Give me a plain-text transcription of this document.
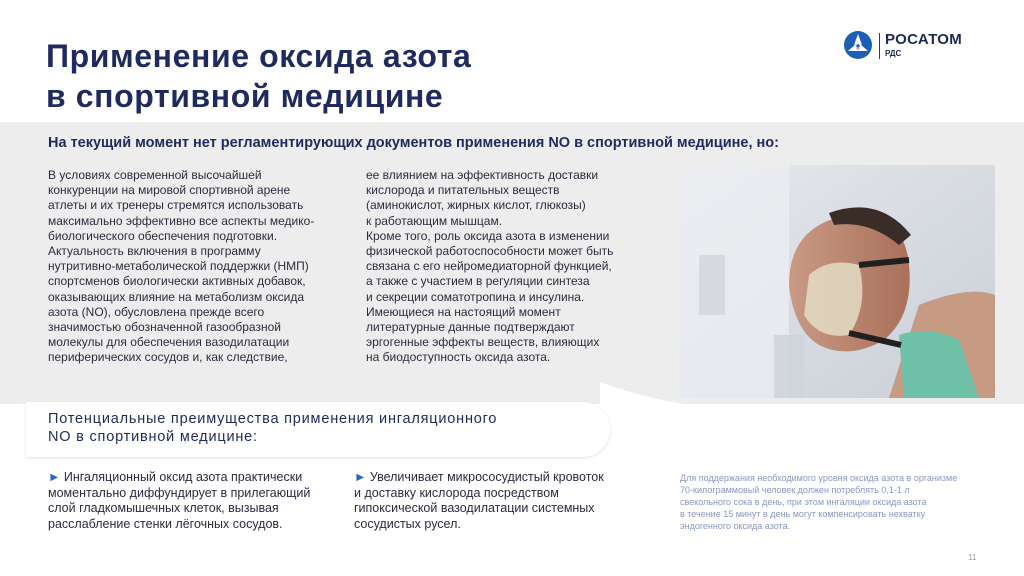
Применение оксида азота

в спортивной медицине

РОСАТОМ
РДС
На текущий момент нет регламентирующих документов применения NO в спортивной медицине, но:

В условиях современной высочайшей

конкуренции на мировой спортивной арене

атлеты и их тренеры стремятся использовать

максимально эффективно все аспекты медико-

биологического обеспечения подготовки.

Актуальность включения в программу

нутритивно-метаболической поддержки (НМП)

спортсменов биологически активных добавок,

оказывающих влияние на метаболизм оксида

азота (NO), обусловлена прежде всего

значимостью обозначенной газообразной

молекулы для обеспечения вазодилатации

периферических сосудов и, как следствие,

ее влиянием на эффективность доставки

кислорода и питательных веществ

(аминокислот, жирных кислот, глюкозы)

к работающим мышцам.

Кроме того, роль оксида азота в изменении

физической работоспособности может быть

связана с его нейромедиаторной функцией,

а также с участием в регуляции синтеза

и секреции соматотропина и инсулина.

Имеющиеся на настоящий момент

литературные данные подтверждают

эргогенные эффекты веществ, влияющих

на биодоступность оксида азота.

Потенциальные преимущества применения ингаляционного

NO в спортивной медицине:

► Ингаляционный оксид азота практически

моментально диффундирует в прилегающий

слой гладкомышечных клеток, вызывая

расслабление стенки лёгочных сосудов.

► Увеличивает микрососудистый кровоток

и доставку кислорода посредством

гипоксической вазодилатации системных

сосудистых русел.

Для поддержания необходимого уровня оксида азота в организме

70-килограммовый человек должен потреблять 0,1-1 л

свекольного сока в день, при этом ингаляции оксида азота

в течение 15 минут в день могут компенсировать нехватку

эндогенного оксида азота.

11
